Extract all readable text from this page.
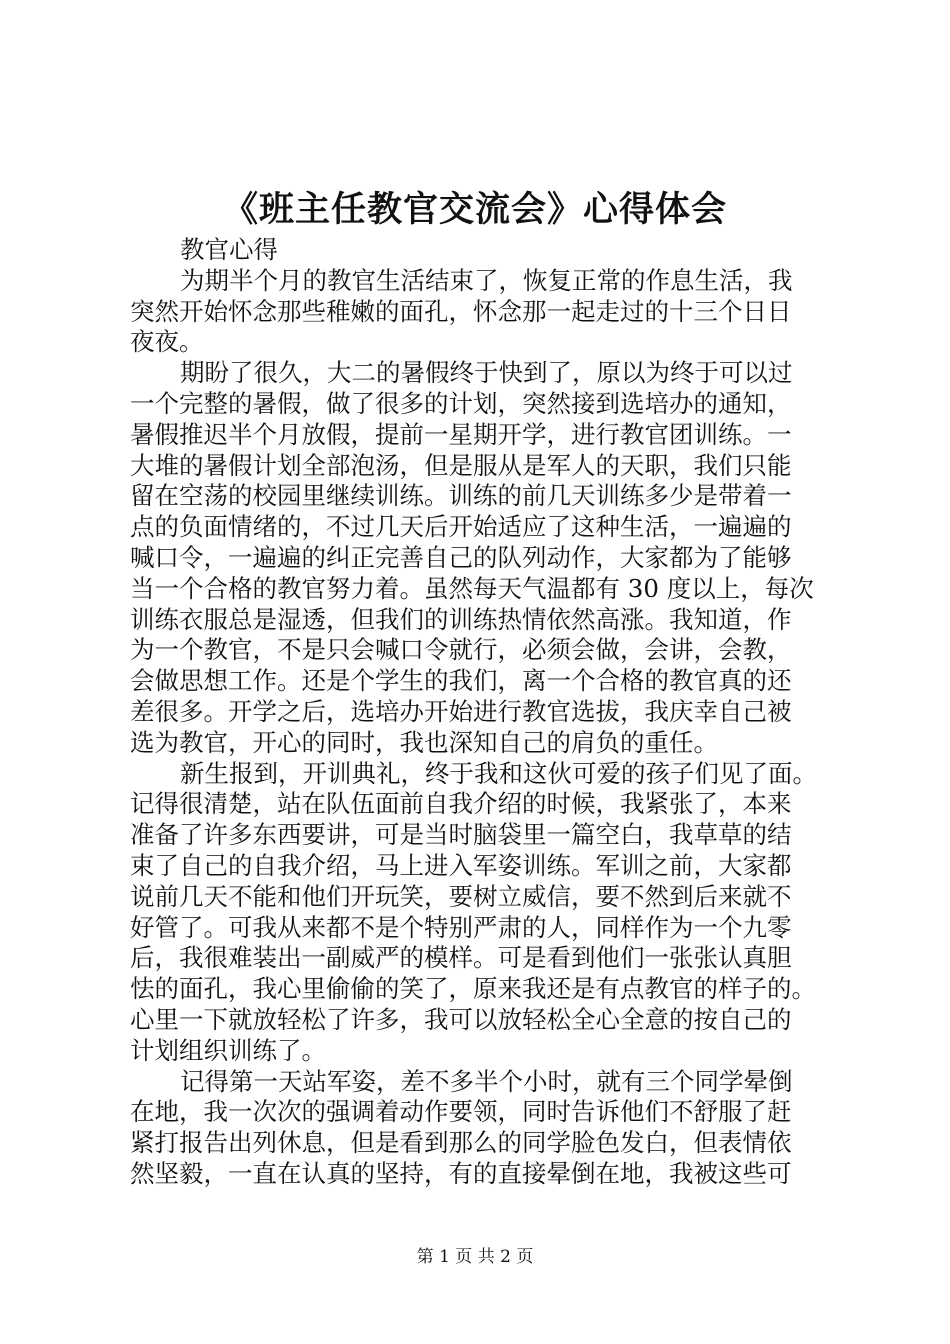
《班主任教官交流会》心得体会
教官心得
为期半个月的教官生活结束了，恢复正常的作息生活，我
突然开始怀念那些稚嫩的面孔，怀念那一起走过的十三个日日
夜夜。
期盼了很久，大二的暑假终于快到了，原以为终于可以过
一个完整的暑假，做了很多的计划，突然接到选培办的通知，
暑假推迟半个月放假，提前一星期开学，进行教官团训练。一
大堆的暑假计划全部泡汤，但是服从是军人的天职，我们只能
留在空荡的校园里继续训练。训练的前几天训练多少是带着一
点的负面情绪的，不过几天后开始适应了这种生活，一遍遍的
喊口令，一遍遍的纠正完善自己的队列动作，大家都为了能够
当一个合格的教官努力着。虽然每天气温都有 30 度以上，每次
训练衣服总是湿透，但我们的训练热情依然高涨。我知道，作
为一个教官，不是只会喊口令就行，必须会做，会讲，会教，
会做思想工作。还是个学生的我们，离一个合格的教官真的还
差很多。开学之后，选培办开始进行教官选拔，我庆幸自己被
选为教官，开心的同时，我也深知自己的肩负的重任。
新生报到，开训典礼，终于我和这伙可爱的孩子们见了面。
记得很清楚，站在队伍面前自我介绍的时候，我紧张了，本来
准备了许多东西要讲，可是当时脑袋里一篇空白，我草草的结
束了自己的自我介绍，马上进入军姿训练。军训之前，大家都
说前几天不能和他们开玩笑，要树立威信，要不然到后来就不
好管了。可我从来都不是个特别严肃的人，同样作为一个九零
后，我很难装出一副威严的模样。可是看到他们一张张认真胆
怯的面孔，我心里偷偷的笑了，原来我还是有点教官的样子的。
心里一下就放轻松了许多，我可以放轻松全心全意的按自己的
计划组织训练了。
记得第一天站军姿，差不多半个小时，就有三个同学晕倒
在地，我一次次的强调着动作要领，同时告诉他们不舒服了赶
紧打报告出列休息，但是看到那么的同学脸色发白，但表情依
然坚毅，一直在认真的坚持，有的直接晕倒在地，我被这些可
第 1 页 共 2 页
